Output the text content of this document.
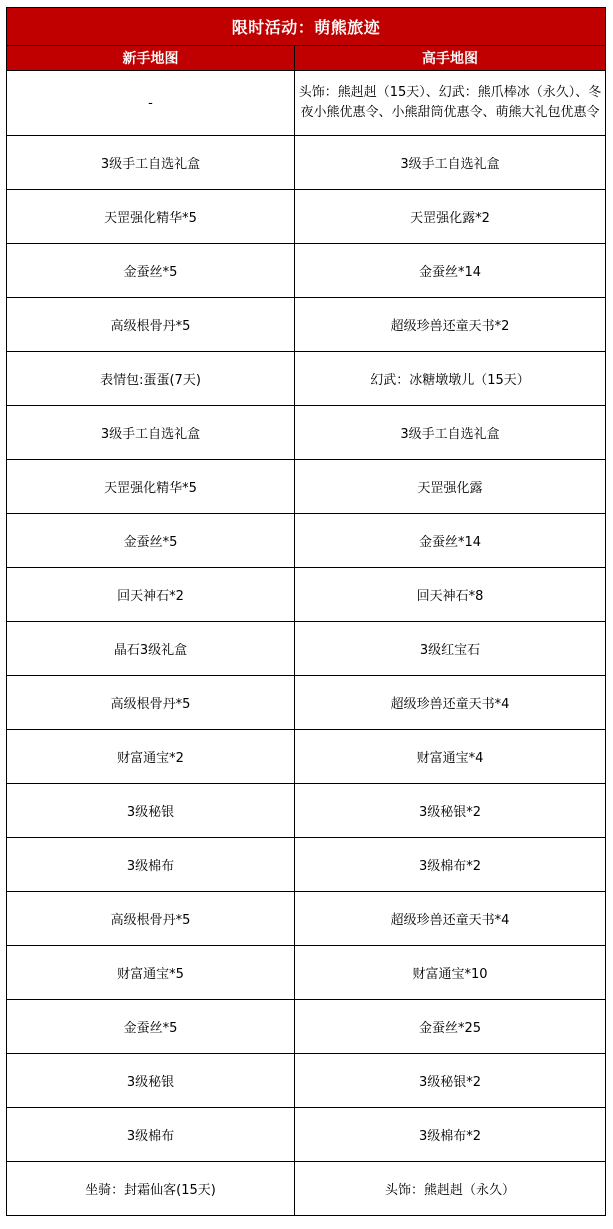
限时活动：萌熊旅迹	
新手地图	高手地图
-	头饰：熊赳赳（15天）、幻武：熊爪棒冰（永久）、冬夜小熊优惠令、小熊甜筒优惠令、萌熊大礼包优惠令
3级手工自选礼盒	3级手工自选礼盒
天罡强化精华*5	天罡强化露*2
金蚕丝*5	金蚕丝*14
高级根骨丹*5	超级珍兽还童天书*2
表情包:蛋蛋(7天)	幻武：冰糖墩墩儿（15天）
3级手工自选礼盒	3级手工自选礼盒
天罡强化精华*5	天罡强化露
金蚕丝*5	金蚕丝*14
回天神石*2	回天神石*8
晶石3级礼盒	3级红宝石
高级根骨丹*5	超级珍兽还童天书*4
财富通宝*2	财富通宝*4
3级秘银	3级秘银*2
3级棉布	3级棉布*2
高级根骨丹*5	超级珍兽还童天书*4
财富通宝*5	财富通宝*10
金蚕丝*5	金蚕丝*25
3级秘银	3级秘银*2
3级棉布	3级棉布*2
坐骑：封霜仙客(15天)	头饰：熊赳赳（永久）
